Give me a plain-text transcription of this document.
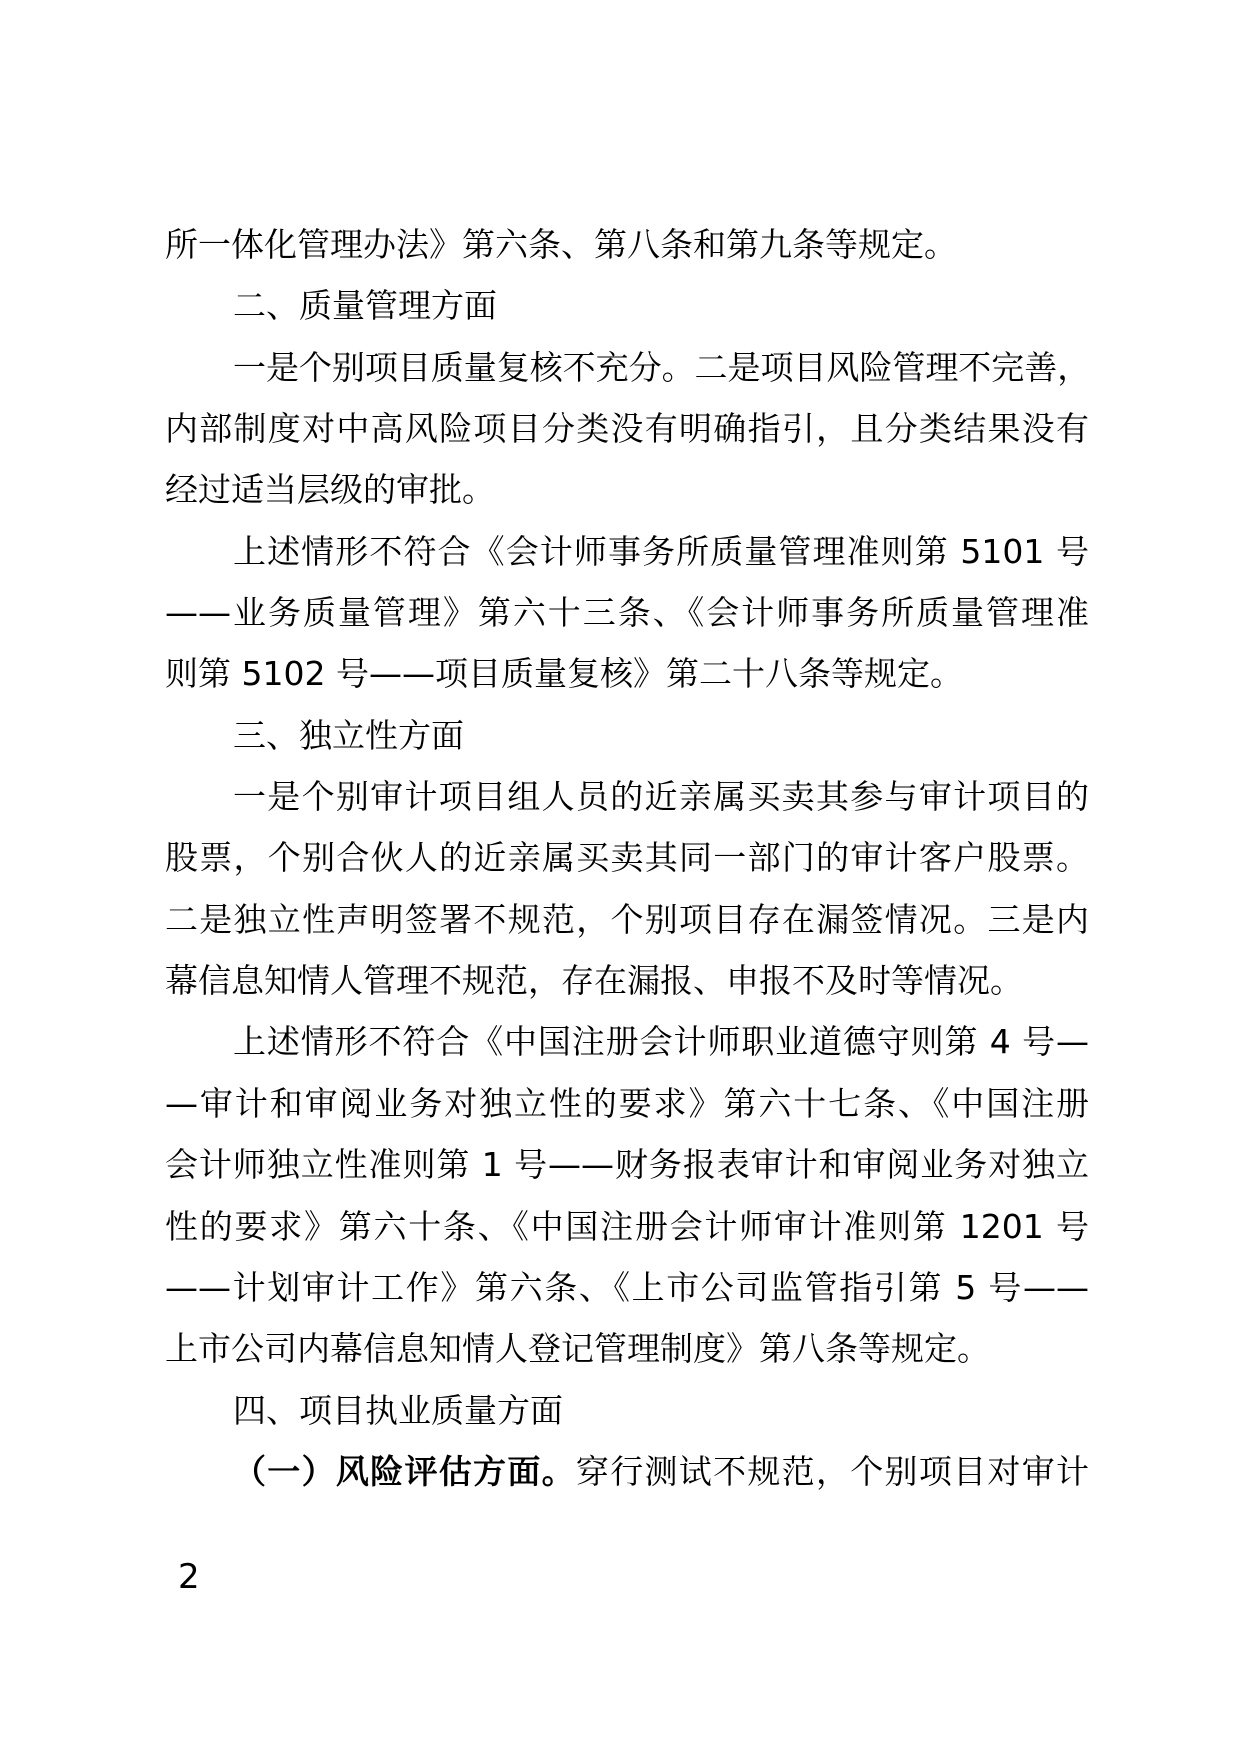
所一体化管理办法》第六条、第八条和第九条等规定。
二、质量管理方面
一是个别项目质量复核不充分。二是项目风险管理不完善，
内部制度对中高风险项目分类没有明确指引，且分类结果没有
经过适当层级的审批。
上述情形不符合《会计师事务所质量管理准则第 5101 号
——业务质量管理》第六十三条、《会计师事务所质量管理准
则第 5102 号——项目质量复核》第二十八条等规定。
三、独立性方面
一是个别审计项目组人员的近亲属买卖其参与审计项目的
股票，个别合伙人的近亲属买卖其同一部门的审计客户股票。
二是独立性声明签署不规范，个别项目存在漏签情况。三是内
幕信息知情人管理不规范，存在漏报、申报不及时等情况。
上述情形不符合《中国注册会计师职业道德守则第 4 号—
—审计和审阅业务对独立性的要求》第六十七条、《中国注册
会计师独立性准则第 1 号——财务报表审计和审阅业务对独立
性的要求》第六十条、《中国注册会计师审计准则第 1201 号
——计划审计工作》第六条、《上市公司监管指引第 5 号——
上市公司内幕信息知情人登记管理制度》第八条等规定。
四、项目执业质量方面
（一）风险评估方面。穿行测试不规范，个别项目对审计
2
